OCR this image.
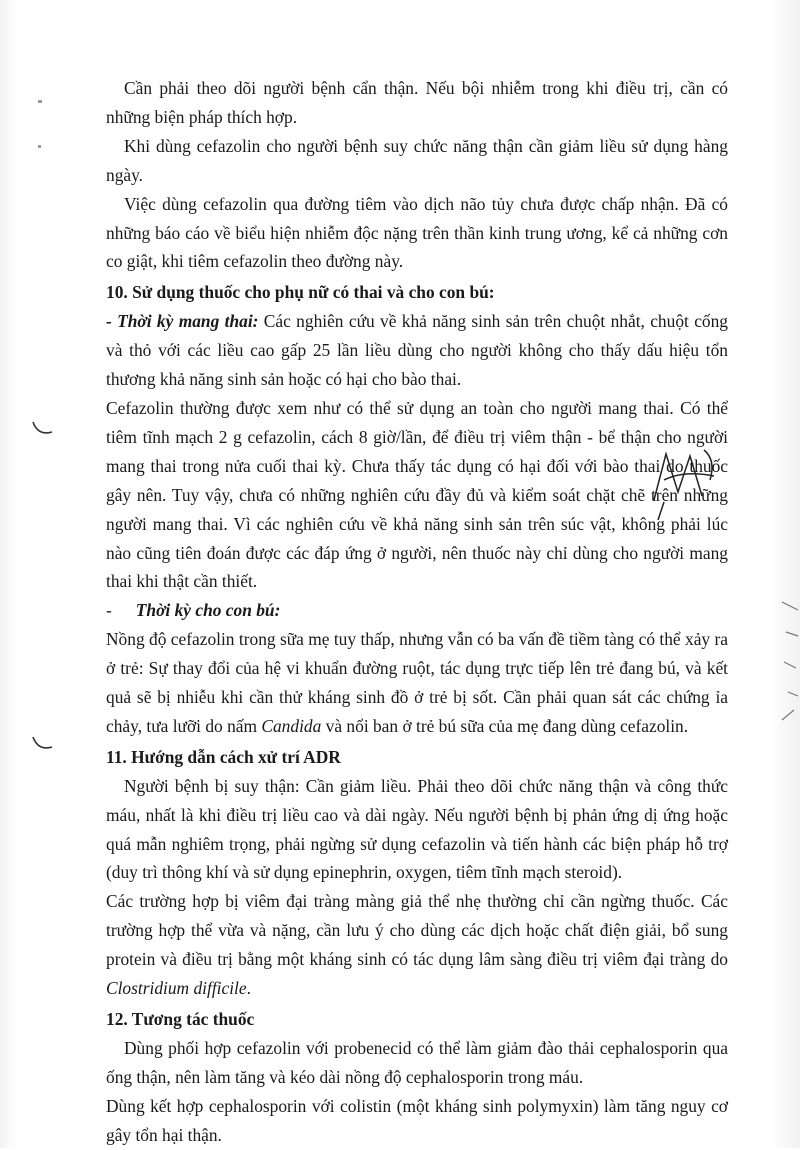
Cần phải theo dõi người bệnh cẩn thận. Nếu bội nhiễm trong khi điều trị, cần có những biện pháp thích hợp.

Khi dùng cefazolin cho người bệnh suy chức năng thận cần giảm liều sử dụng hàng ngày.

Việc dùng cefazolin qua đường tiêm vào dịch não tủy chưa được chấp nhận. Đã có những báo cáo về biểu hiện nhiễm độc nặng trên thần kinh trung ương, kể cả những cơn co giật, khi tiêm cefazolin theo đường này.

10. Sử dụng thuốc cho phụ nữ có thai và cho con bú:

- Thời kỳ mang thai: Các nghiên cứu về khả năng sinh sản trên chuột nhắt, chuột cống và thỏ với các liều cao gấp 25 lần liều dùng cho người không cho thấy dấu hiệu tổn thương khả năng sinh sản hoặc có hại cho bào thai.

Cefazolin thường được xem như có thể sử dụng an toàn cho người mang thai. Có thể tiêm tĩnh mạch 2 g cefazolin, cách 8 giờ/lần, để điều trị viêm thận - bể thận cho người mang thai trong nửa cuối thai kỳ. Chưa thấy tác dụng có hại đối với bào thai do thuốc gây nên. Tuy vậy, chưa có những nghiên cứu đầy đủ và kiểm soát chặt chẽ trên những người mang thai. Vì các nghiên cứu về khả năng sinh sản trên súc vật, không phải lúc nào cũng tiên đoán được các đáp ứng ở người, nên thuốc này chỉ dùng cho người mang thai khi thật cần thiết.

- Thời kỳ cho con bú:

Nồng độ cefazolin trong sữa mẹ tuy thấp, nhưng vẫn có ba vấn đề tiềm tàng có thể xảy ra ở trẻ: Sự thay đổi của hệ vi khuẩn đường ruột, tác dụng trực tiếp lên trẻ đang bú, và kết quả sẽ bị nhiễu khi cần thử kháng sinh đồ ở trẻ bị sốt. Cần phải quan sát các chứng ỉa chảy, tưa lưỡi do nấm Candida và nổi ban ở trẻ bú sữa của mẹ đang dùng cefazolin.

11. Hướng dẫn cách xử trí ADR

Người bệnh bị suy thận: Cần giảm liều. Phải theo dõi chức năng thận và công thức máu, nhất là khi điều trị liều cao và dài ngày. Nếu người bệnh bị phản ứng dị ứng hoặc quá mẫn nghiêm trọng, phải ngừng sử dụng cefazolin và tiến hành các biện pháp hỗ trợ (duy trì thông khí và sử dụng epinephrin, oxygen, tiêm tĩnh mạch steroid).

Các trường hợp bị viêm đại tràng màng giả thể nhẹ thường chỉ cần ngừng thuốc. Các trường hợp thể vừa và nặng, cần lưu ý cho dùng các dịch hoặc chất điện giải, bổ sung protein và điều trị bằng một kháng sinh có tác dụng lâm sàng điều trị viêm đại tràng do Clostridium difficile.

12. Tương tác thuốc

Dùng phối hợp cefazolin với probenecid có thể làm giảm đào thải cephalosporin qua ống thận, nên làm tăng và kéo dài nồng độ cephalosporin trong máu.

Dùng kết hợp cephalosporin với colistin (một kháng sinh polymyxin) làm tăng nguy cơ gây tổn hại thận.
